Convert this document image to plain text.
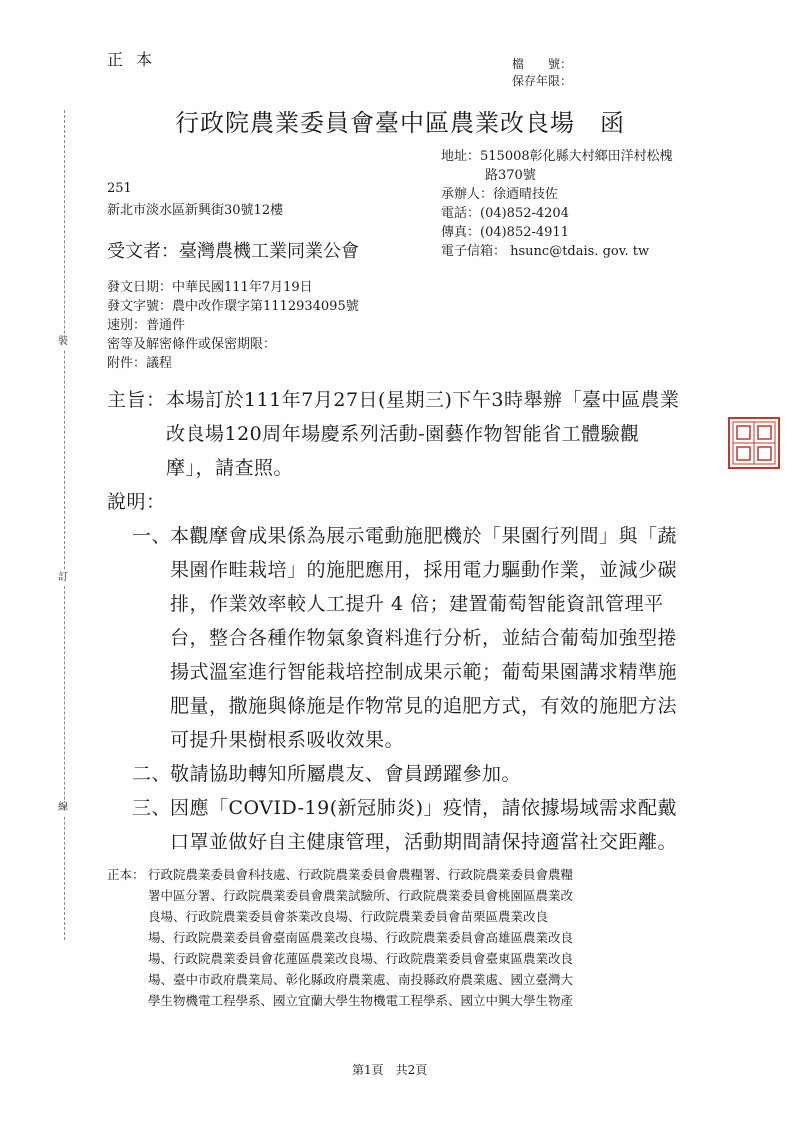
裝
訂
線
正 本	檔　　號：
保存年限：
行政院農業委員會臺中區農業改良場　函
地址：515008彰化縣大村鄉田洋村松槐
路370號
承辦人：徐逎晴技佐
電話：(04)852-4204
傳真：(04)852-4911
電子信箱： hsunc@tdais. gov. tw
251
新北市淡水區新興街30號12樓
受文者：臺灣農機工業同業公會
發文日期：中華民國111年7月19日
發文字號：農中改作環字第1112934095號
速別：普通件
密等及解密條件或保密期限：
附件：議程
主旨： 本場訂於111年7月27日(星期三)下午3時舉辦「臺中區農業
改良場120周年場慶系列活動-園藝作物智能省工體驗觀
摩」，請查照。
說明：
一、
本觀摩會成果係為展示電動施肥機於「果園行列間」與「蔬
果園作畦栽培」的施肥應用，採用電力驅動作業，並減少碳
排，作業效率較人工提升 4 倍；建置葡萄智能資訊管理平
台，整合各種作物氣象資料進行分析，並結合葡萄加強型捲
揚式溫室進行智能栽培控制成果示範；葡萄果園講求精準施
肥量，撒施與條施是作物常見的追肥方式，有效的施肥方法
可提升果樹根系吸收效果。
二、
敬請協助轉知所屬農友、會員踴躍參加。
三、
因應「COVID-19(新冠肺炎)」疫情，請依據場域需求配戴
口罩並做好自主健康管理，活動期間請保持適當社交距離。
正本： 行政院農業委員會科技處、行政院農業委員會農糧署、行政院農業委員會農糧
署中區分署、行政院農業委員會農業試驗所、行政院農業委員會桃園區農業改
良場、行政院農業委員會茶業改良場、行政院農業委員會苗栗區農業改良
場、行政院農業委員會臺南區農業改良場、行政院農業委員會高雄區農業改良
場、行政院農業委員會花蓮區農業改良場、行政院農業委員會臺東區農業改良
場、臺中市政府農業局、彰化縣政府農業處、南投縣政府農業處、國立臺灣大
學生物機電工程學系、國立宜蘭大學生物機電工程學系、國立中興大學生物產
第1頁　共2頁
